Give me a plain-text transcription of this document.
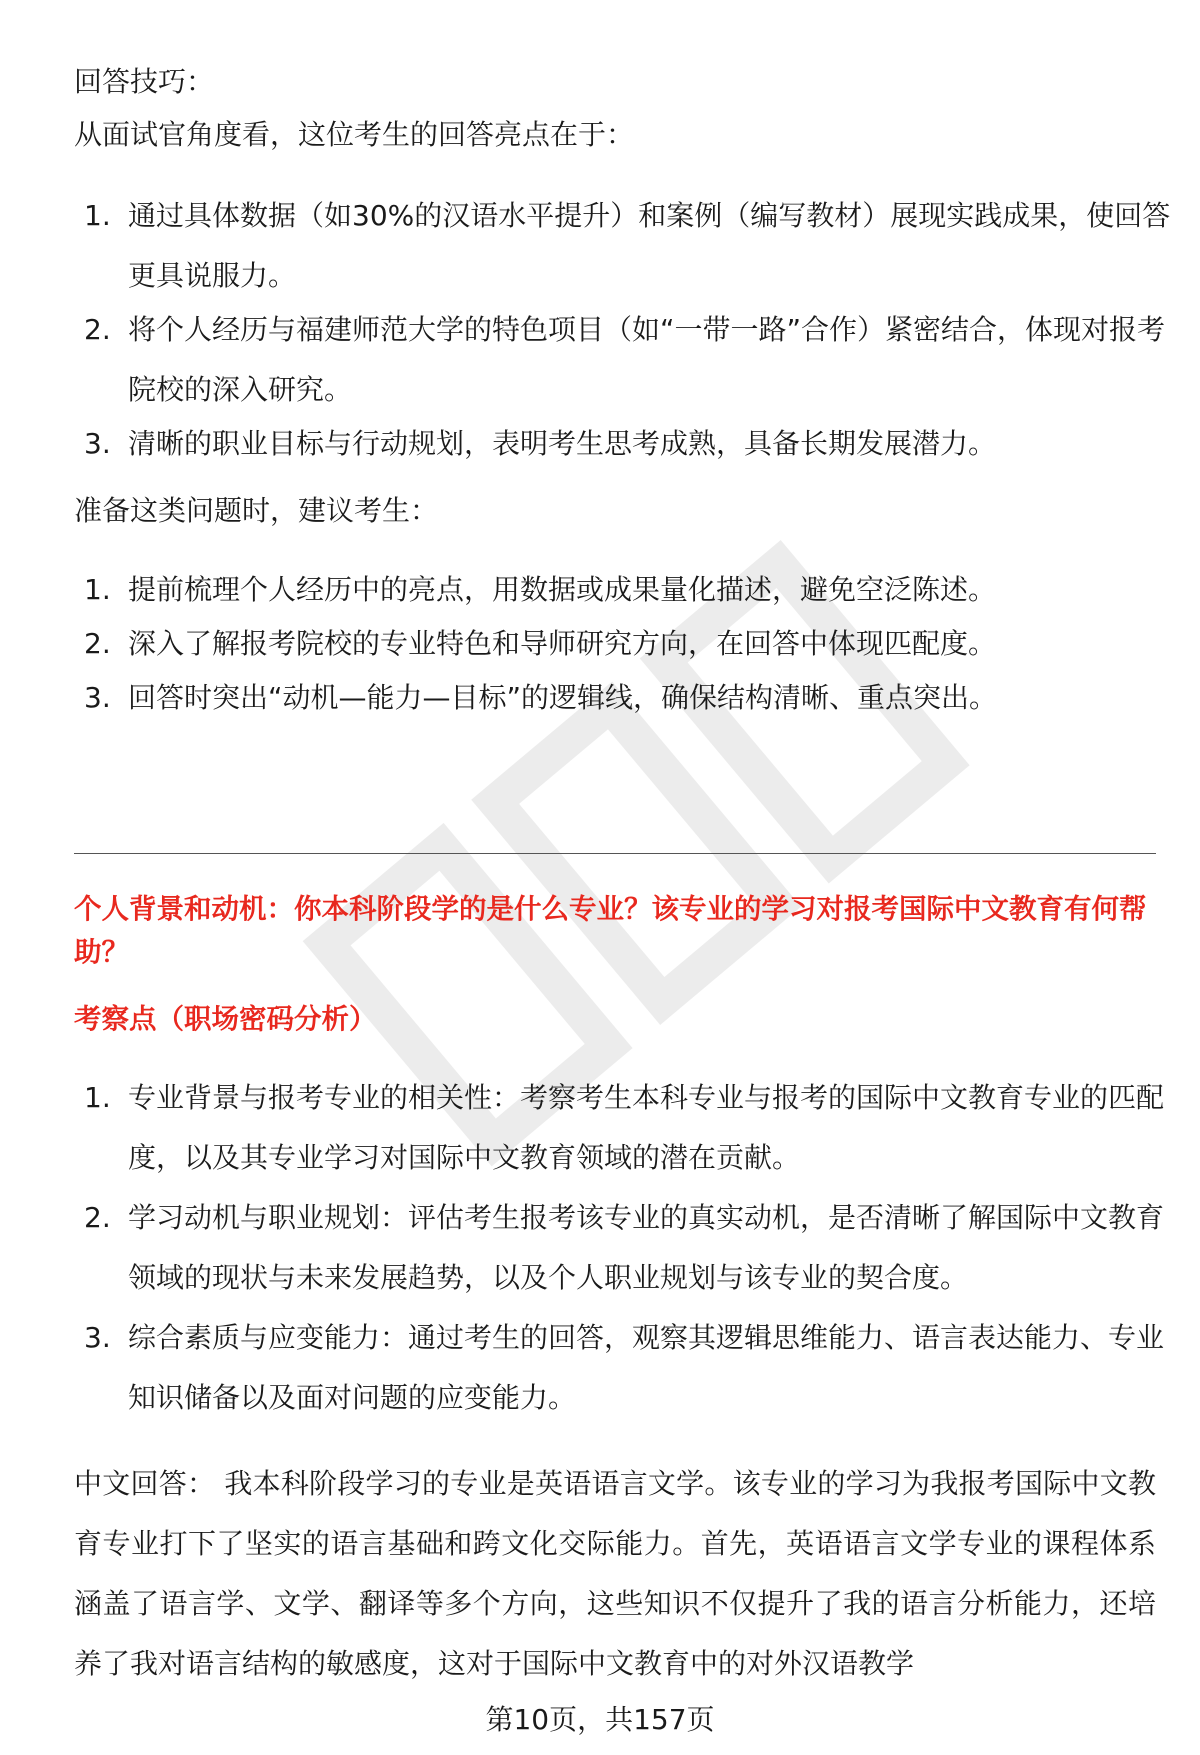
回答技巧：
从面试官角度看，这位考生的回答亮点在于：
1. 通过具体数据（如30%的汉语水平提升）和案例（编写教材）展现实践成果，使回答更具说服力。
2. 将个人经历与福建师范大学的特色项目（如“一带一路”合作）紧密结合，体现对报考院校的深入研究。
3. 清晰的职业目标与行动规划，表明考生思考成熟，具备长期发展潜力。
准备这类问题时，建议考生：
1. 提前梳理个人经历中的亮点，用数据或成果量化描述，避免空泛陈述。
2. 深入了解报考院校的专业特色和导师研究方向，在回答中体现匹配度。
3. 回答时突出“动机—能力—目标”的逻辑线，确保结构清晰、重点突出。
个人背景和动机：你本科阶段学的是什么专业？该专业的学习对报考国际中文教育有何帮助？
考察点（职场密码分析）
1. 专业背景与报考专业的相关性：考察考生本科专业与报考的国际中文教育专业的匹配度，以及其专业学习对国际中文教育领域的潜在贡献。
2. 学习动机与职业规划：评估考生报考该专业的真实动机，是否清晰了解国际中文教育领域的现状与未来发展趋势，以及个人职业规划与该专业的契合度。
3. 综合素质与应变能力：通过考生的回答，观察其逻辑思维能力、语言表达能力、专业知识储备以及面对问题的应变能力。
中文回答： 我本科阶段学习的专业是英语语言文学。该专业的学习为我报考国际中文教育专业打下了坚实的语言基础和跨文化交际能力。首先，英语语言文学专业的课程体系涵盖了语言学、文学、翻译等多个方向，这些知识不仅提升了我的语言分析能力，还培养了我对语言结构的敏感度，这对于国际中文教育中的对外汉语教学
第10页，共157页
